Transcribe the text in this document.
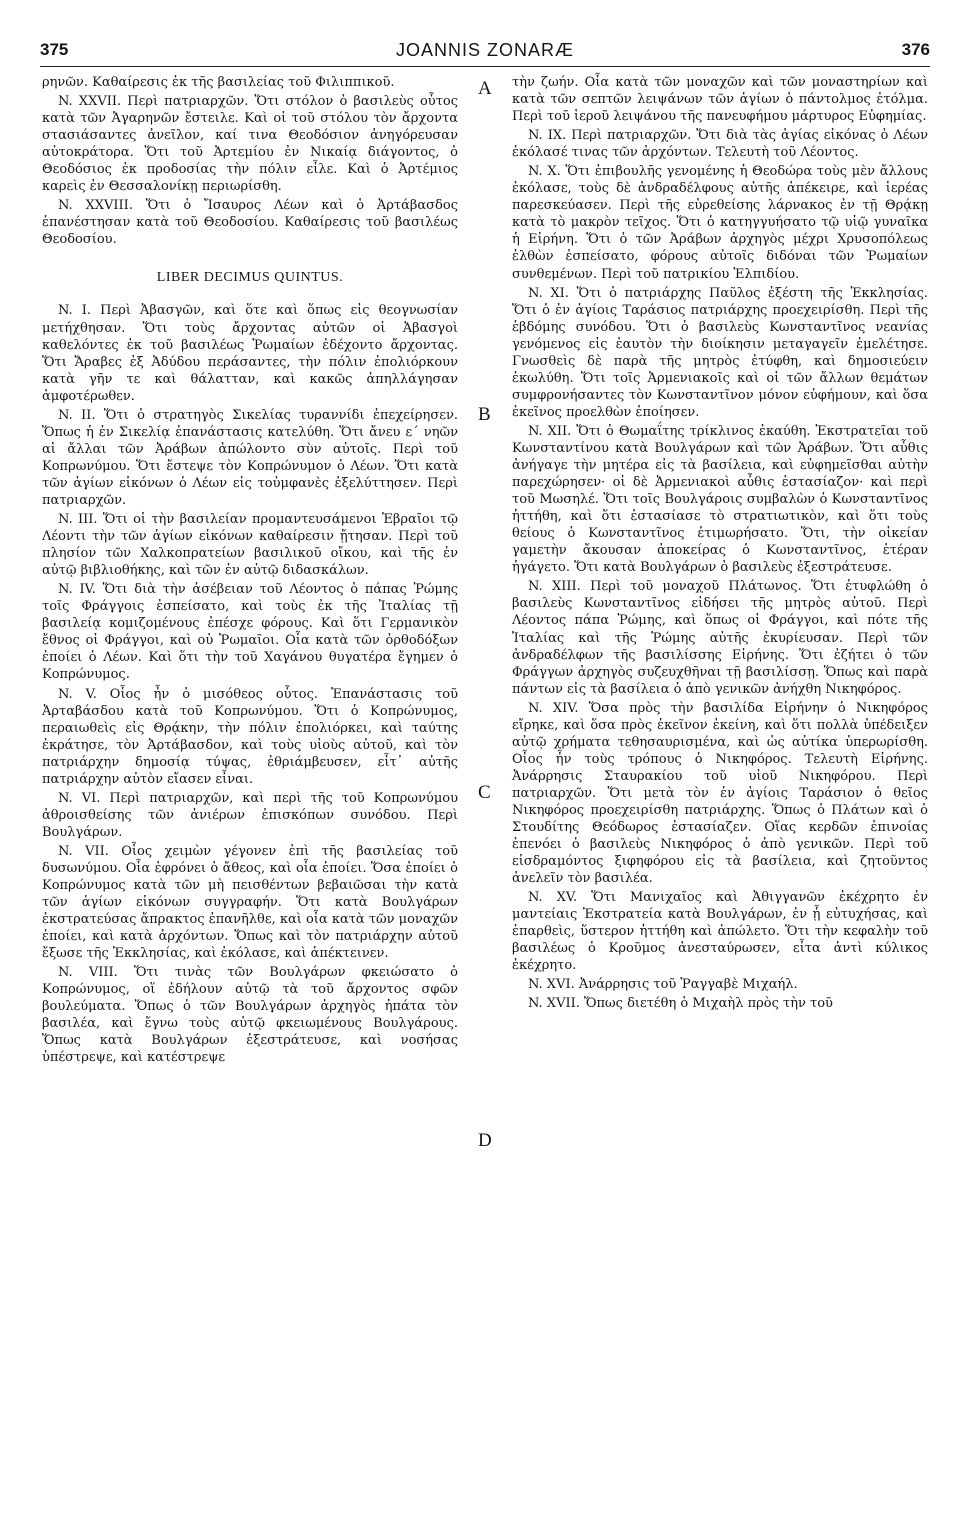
375	JOANNIS ZONARÆ	376
A
B
C
D

ρηνῶν. Καθαίρεσις ἐκ τῆς βασιλείας τοῦ Φιλιππικοῦ.

N. XXVII. Περὶ πατριαρχῶν. Ὅτι στόλον ὁ βασιλεὺς οὗτος κατὰ τῶν Ἀγαρηνῶν ἔστειλε. Καὶ οἱ τοῦ στόλου τὸν ἄρχοντα στασιάσαντες ἀνεῖλον, καί τινα Θεοδόσιον ἀνηγόρευσαν αὐτοκράτορα. Ὅτι τοῦ Ἀρτεμίου ἐν Νικαίᾳ διάγοντος, ὁ Θεοδόσιος ἐκ προδοσίας τὴν πόλιν εἷλε. Καὶ ὁ Ἀρτέμιος καρεὶς ἐν Θεσσαλονίκῃ περιωρίσθη.

N. XXVIII. Ὅτι ὁ Ἴσαυρος Λέων καὶ ὁ Ἀρτάβασδος ἐπανέστησαν κατὰ τοῦ Θεοδοσίου. Καθαίρεσις τοῦ βασιλέως Θεοδοσίου.

LIBER DECIMUS QUINTUS.

N. I. Περὶ Ἀβασγῶν, καὶ ὅτε καὶ ὅπως εἰς θεογνωσίαν μετήχθησαν. Ὅτι τοὺς ἄρχοντας αὐτῶν οἱ Ἀβασγοὶ καθελόντες ἐκ τοῦ βασιλέως Ῥωμαίων ἐδέχοντο ἄρχοντας. Ὅτι Ἄραβες ἐξ Ἀδύδου περάσαντες, τὴν πόλιν ἐπολιόρκουν κατὰ γῆν τε καὶ θάλατταν, καὶ κακῶς ἀπηλλάγησαν ἀμφοτέρωθεν.

N. II. Ὅτι ὁ στρατηγὸς Σικελίας τυραννίδι ἐπεχείρησεν. Ὅπως ἡ ἐν Σικελίᾳ ἐπανάστασις κατελύθη. Ὅτι ἄνευ ε΄ νηῶν αἱ ἄλλαι τῶν Ἀράβων ἀπώλοντο σὺν αὐτοῖς. Περὶ τοῦ Κοπρωνύμου. Ὅτι ἔστεψε τὸν Κοπρώνυμον ὁ Λέων. Ὅτι κατὰ τῶν ἁγίων εἰκόνων ὁ Λέων εἰς τοὐμφανὲς ἐξελύττησεν. Περὶ πατριαρχῶν.

N. III. Ὅτι οἱ τὴν βασιλείαν προμαντευσάμενοι Ἑβραῖοι τῷ Λέοντι τὴν τῶν ἁγίων εἰκόνων καθαίρεσιν ᾔτησαν. Περὶ τοῦ πλησίον τῶν Χαλκοπρατείων βασιλικοῦ οἴκου, καὶ τῆς ἐν αὐτῷ βιβλιοθήκης, καὶ τῶν ἐν αὐτῷ διδασκάλων.

N. IV. Ὅτι διὰ τὴν ἀσέβειαν τοῦ Λέοντος ὁ πάπας Ῥώμης τοῖς Φράγγοις ἐσπείσατο, καὶ τοὺς ἐκ τῆς Ἰταλίας τῇ βασιλείᾳ κομιζομένους ἐπέσχε φόρους. Καὶ ὅτι Γερμανικὸν ἔθνος οἱ Φράγγοι, καὶ οὐ Ῥωμαῖοι. Οἷα κατὰ τῶν ὀρθοδόξων ἐποίει ὁ Λέων. Καὶ ὅτι τὴν τοῦ Χαγάνου θυγατέρα ἔγημεν ὁ Κοπρώνυμος.

N. V. Οἷος ἦν ὁ μισόθεος οὗτος. Ἐπανάστασις τοῦ Ἀρταβάσδου κατὰ τοῦ Κοπρωνύμου. Ὅτι ὁ Κοπρώνυμος, περαιωθεὶς εἰς Θρᾴκην, τὴν πόλιν ἐπολιόρκει, καὶ ταύτης ἐκράτησε, τὸν Ἀρτάβασδον, καὶ τοὺς υἱοὺς αὐτοῦ, καὶ τὸν πατριάρχην δημοσίᾳ τύψας, ἐθριάμβευσεν, εἶτ᾽ αὐτῆς πατριάρχην αὐτὸν εἴασεν εἶναι.

N. VI. Περὶ πατριαρχῶν, καὶ περὶ τῆς τοῦ Κοπρωνύμου ἀθροισθείσης τῶν ἀνιέρων ἐπισκόπων συνόδου. Περὶ Βουλγάρων.

N. VII. Οἷος χειμὼν γέγονεν ἐπὶ τῆς βασιλείας τοῦ δυσωνύμου. Οἷα ἐφρόνει ὁ ἄθεος, καὶ οἷα ἐποίει. Ὅσα ἐποίει ὁ Κοπρώνυμος κατὰ τῶν μὴ πεισθέντων βεβαιῶσαι τὴν κατὰ τῶν ἁγίων εἰκόνων συγγραφήν. Ὅτι κατὰ Βουλγάρων ἐκστρατεύσας ἄπρακτος ἐπανῆλθε, καὶ οἷα κατὰ τῶν μοναχῶν ἐποίει, καὶ κατὰ ἀρχόντων. Ὅπως καὶ τὸν πατριάρχην αὐτοῦ ἔξωσε τῆς Ἐκκλησίας, καὶ ἐκόλασε, καὶ ἀπέκτεινεν.

N. VIII. Ὅτι τινὰς τῶν Βουλγάρων φκειώσατο ὁ Κοπρώνυμος, οἵ ἐδήλουν αὐτῷ τὰ τοῦ ἄρχοντος σφῶν βουλεύματα. Ὅπως ὁ τῶν Βουλγάρων ἀρχηγὸς ἠπάτα τὸν βασιλέα, καὶ ἔγνω τοὺς αὐτῷ φκειωμένους Βουλγάρους. Ὅπως κατὰ Βουλγάρων ἐξεστράτευσε, καὶ νοσήσας ὑπέστρεψε, καὶ κατέστρεψε

τὴν ζωήν. Οἷα κατὰ τῶν μοναχῶν καὶ τῶν μοναστηρίων καὶ κατὰ τῶν σεπτῶν λειψάνων τῶν ἁγίων ὁ πάντολμος ἐτόλμα. Περὶ τοῦ ἱεροῦ λειψάνου τῆς πανευφήμου μάρτυρος Εὐφημίας.

N. IX. Περὶ πατριαρχῶν. Ὅτι διὰ τὰς ἁγίας εἰκόνας ὁ Λέων ἐκόλασέ τινας τῶν ἀρχόντων. Τελευτὴ τοῦ Λέοντος.

N. X. Ὅτι ἐπιβουλῆς γενομένης ἡ Θεοδώρα τοὺς μὲν ἄλλους ἐκόλασε, τοὺς δὲ ἀνδραδέλφους αὐτῆς ἀπέκειρε, καὶ ἱερέας παρεσκεύασεν. Περὶ τῆς εὑρεθείσης λάρνακος ἐν τῇ Θρᾴκῃ κατὰ τὸ μακρὸν τεῖχος. Ὅτι ὁ κατηγγυήσατο τῷ υἱῷ γυναῖκα ἡ Εἰρήνη. Ὅτι ὁ τῶν Ἀράβων ἀρχηγὸς μέχρι Χρυσοπόλεως ἐλθὼν ἐσπείσατο, φόρους αὐτοῖς διδόναι τῶν Ῥωμαίων συνθεμένων. Περὶ τοῦ πατρικίου Ἐλπιδίου.

N. XI. Ὅτι ὁ πατριάρχης Παῦλος ἐξέστη τῆς Ἐκκλησίας. Ὅτι ὁ ἐν ἁγίοις Ταράσιος πατριάρχης προεχειρίσθη. Περὶ τῆς ἑβδόμης συνόδου. Ὅτι ὁ βασιλεὺς Κωνσταντῖνος νεανίας γενόμενος εἰς ἑαυτὸν τὴν διοίκησιν μεταγαγεῖν ἐμελέτησε. Γνωσθεὶς δὲ παρὰ τῆς μητρὸς ἐτύφθη, καὶ δημοσιεύειν ἐκωλύθη. Ὅτι τοῖς Ἀρμενιακοῖς καὶ οἱ τῶν ἄλλων θεμάτων συμφρονήσαντες τὸν Κωνσταντῖνον μόνον εὐφήμουν, καὶ ὅσα ἐκεῖνος προελθὼν ἐποίησεν.

N. XII. Ὅτι ὁ Θωμαΐτης τρίκλινος ἐκαύθη. Ἐκστρατεῖαι τοῦ Κωνσταντίνου κατὰ Βουλγάρων καὶ τῶν Ἀράβων. Ὅτι αὖθις ἀνήγαγε τὴν μητέρα εἰς τὰ βασίλεια, καὶ εὐφημεῖσθαι αὐτὴν παρεχώρησεν· οἱ δὲ Ἀρμενιακοὶ αὖθις ἐστασίαζον· καὶ περὶ τοῦ Μωσηλέ. Ὅτι τοῖς Βουλγάροις συμβαλὼν ὁ Κωνσταντῖνος ἡττήθη, καὶ ὅτι ἐστασίασε τὸ στρατιωτικὸν, καὶ ὅτι τοὺς θείους ὁ Κωνσταντῖνος ἐτιμωρήσατο. Ὅτι, τὴν οἰκείαν γαμετὴν ἄκουσαν ἀποκείρας ὁ Κωνσταντῖνος, ἑτέραν ἠγάγετο. Ὅτι κατὰ Βουλγάρων ὁ βασιλεὺς ἐξεστράτευσε.

N. XIII. Περὶ τοῦ μοναχοῦ Πλάτωνος. Ὅτι ἐτυφλώθη ὁ βασιλεὺς Κωνσταντῖνος εἰδήσει τῆς μητρὸς αὐτοῦ. Περὶ Λέοντος πάπα Ῥώμης, καὶ ὅπως οἱ Φράγγοι, καὶ πότε τῆς Ἰταλίας καὶ τῆς Ῥώμης αὐτῆς ἐκυρίευσαν. Περὶ τῶν ἀνδραδέλφων τῆς βασιλίσσης Εἰρήνης. Ὅτι ἐζήτει ὁ τῶν Φράγγων ἀρχηγὸς συζευχθῆναι τῇ βασιλίσσῃ. Ὅπως καὶ παρὰ πάντων εἰς τὰ βασίλεια ὁ ἀπὸ γενικῶν ἀνήχθη Νικηφόρος.

N. XIV. Ὅσα πρὸς τὴν βασιλίδα Εἰρήνην ὁ Νικηφόρος εἴρηκε, καὶ ὅσα πρὸς ἐκεῖνον ἐκείνη, καὶ ὅτι πολλὰ ὑπέδειξεν αὐτῷ χρήματα τεθησαυρισμένα, καὶ ὡς αὐτίκα ὑπερωρίσθη. Οἷος ἦν τοὺς τρόπους ὁ Νικηφόρος. Τελευτὴ Εἰρήνης. Ἀνάρρησις Σταυρακίου τοῦ υἱοῦ Νικηφόρου. Περὶ πατριαρχῶν. Ὅτι μετὰ τὸν ἐν ἁγίοις Ταράσιον ὁ θεῖος Νικηφόρος προεχειρίσθη πατριάρχης. Ὅπως ὁ Πλάτων καὶ ὁ Στουδίτης Θεόδωρος ἐστασίαζεν. Οἵας κερδῶν ἐπινοίας ἐπενόει ὁ βασιλεὺς Νικηφόρος ὁ ἀπὸ γενικῶν. Περὶ τοῦ εἰσδραμόντος ξιφηφόρου εἰς τὰ βασίλεια, καὶ ζητοῦντος ἀνελεῖν τὸν βασιλέα.

N. XV. Ὅτι Μανιχαῖος καὶ Ἀθιγγανῶν ἐκέχρητο ἐν μαντείαις Ἐκστρατεία κατὰ Βουλγάρων, ἐν ᾗ εὐτυχήσας, καὶ ἐπαρθεὶς, ὕστερον ἡττήθη καὶ ἀπώλετο. Ὅτι τὴν κεφαλὴν τοῦ βασιλέως ὁ Κροῦμος ἀνεσταύρωσεν, εἶτα ἀντὶ κύλικος ἐκέχρητο.

N. XVI. Ἀνάρρησις τοῦ Ῥαγγαβὲ Μιχαήλ.

N. XVII. Ὅπως διετέθη ὁ Μιχαὴλ πρὸς τὴν τοῦ
